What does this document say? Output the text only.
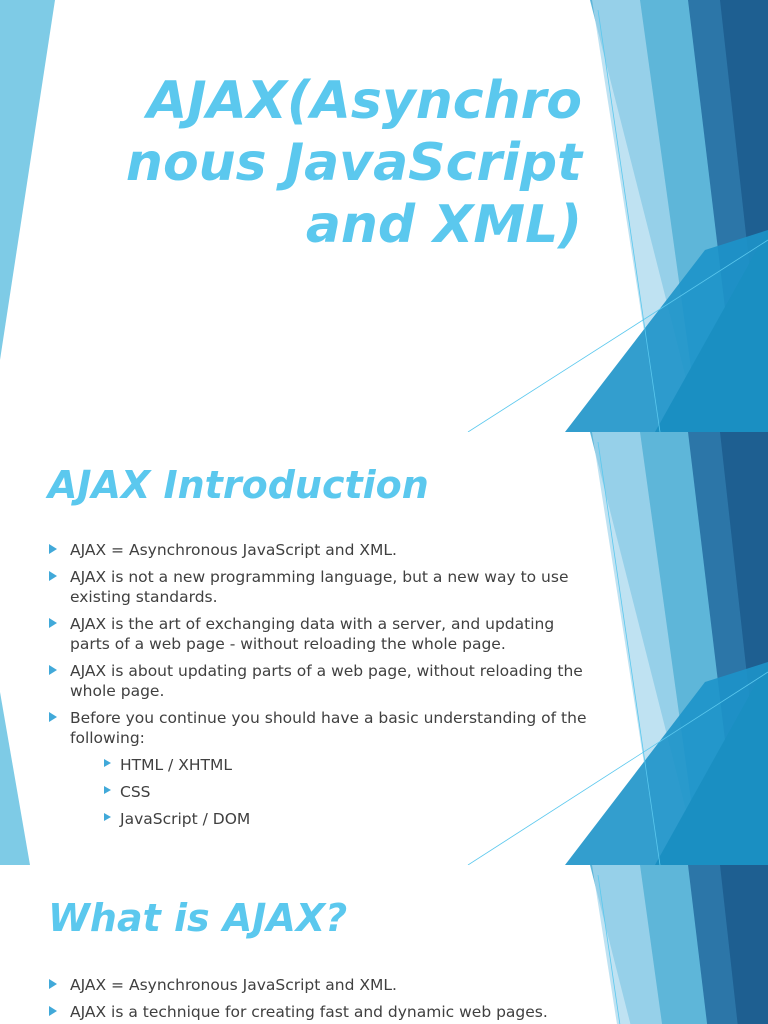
AJAX(Asynchro
nous JavaScript
and XML)
AJAX Introduction
AJAX = Asynchronous JavaScript and XML.
AJAX is not a new programming language, but a new way to use existing standards.
AJAX is the art of exchanging data with a server, and updating parts of a web page - without reloading the whole page.
AJAX is about updating parts of a web page, without reloading the whole page.
Before you continue you should have a basic understanding of the following:
HTML / XHTML
CSS
JavaScript / DOM
What is AJAX?
AJAX = Asynchronous JavaScript and XML.
AJAX is a technique for creating fast and dynamic web pages.
